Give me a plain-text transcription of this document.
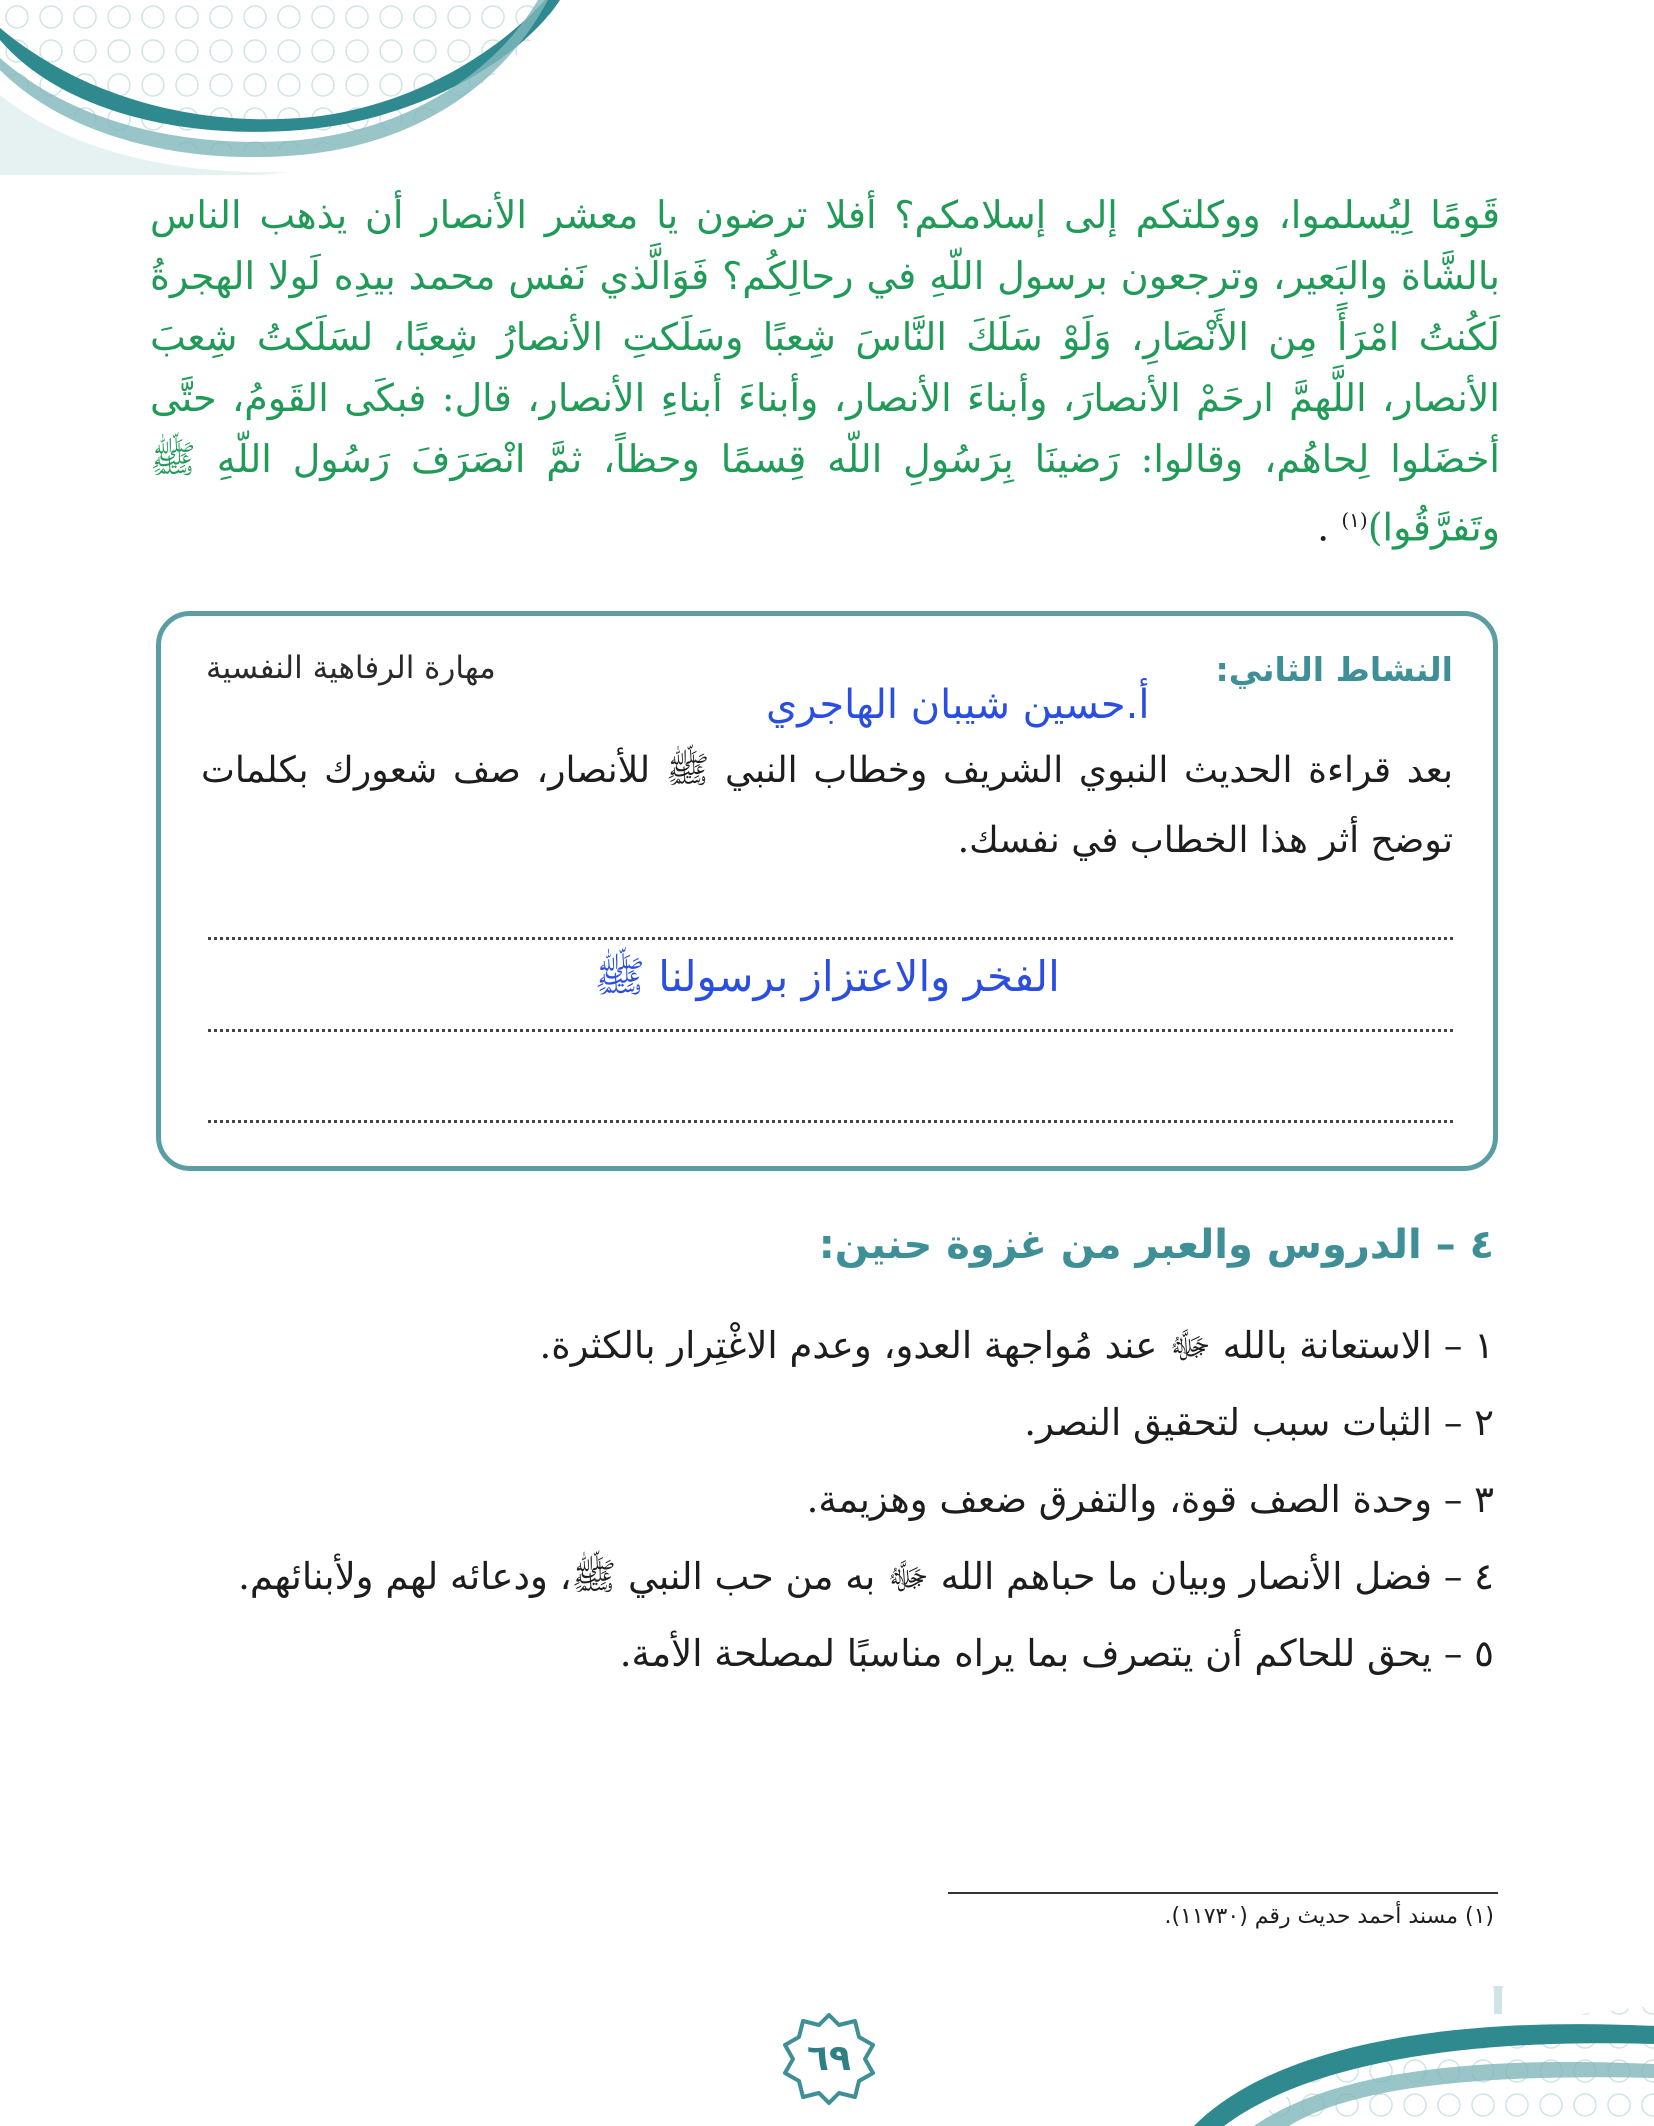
قَومًا لِيُسلموا، ووكلتكم إلى إسلامكم؟ أفلا ترضون يا معشر الأنصار أن يذهب الناس بالشَّاة والبَعير، وترجعون برسول اللّهِ في رحالِكُم؟ فَوَالَّذي نَفس محمد بيدِه لَولا الهجرةُ لَكُنتُ امْرَأً مِن الأَنْصَارِ، وَلَوْ سَلَكَ النَّاسَ شِعبًا وسَلَكتِ الأنصارُ شِعبًا، لسَلَكتُ شِعبَ الأنصار، اللَّهمَّ ارحَمْ الأنصارَ، وأبناءَ الأنصار، وأبناءَ أبناءِ الأنصار، قال: فبكَى القَومُ، حتَّى أخضَلوا لِحاهُم، وقالوا: رَضينَا بِرَسُولِ اللّه قِسمًا وحظاً، ثمَّ انْصَرَفَ رَسُول اللّهِ ﷺ وتَفرَّقُوا)$^{(١)}$ .
النشاط الثاني:
مهارة الرفاهية النفسية
أ.حسين شيبان الهاجري
بعد قراءة الحديث النبوي الشريف وخطاب النبي ﷺ للأنصار، صف شعورك بكلمات توضح أثر هذا الخطاب في نفسك.
الفخر والاعتزاز برسولنا ﷺ
٤ – الدروس والعبر من غزوة حنين:
١ – الاستعانة بالله ﷻ عند مُواجهة العدو، وعدم الاغْتِرار بالكثرة.
٢ – الثبات سبب لتحقيق النصر.
٣ – وحدة الصف قوة، والتفرق ضعف وهزيمة.
٤ – فضل الأنصار وبيان ما حباهم الله ﷻ به من حب النبي ﷺ، ودعائه لهم ولأبنائهم.
٥ – يحق للحاكم أن يتصرف بما يراه مناسبًا لمصلحة الأمة.
(١) مسند أحمد حديث رقم (١١٧٣٠).
٦٩
